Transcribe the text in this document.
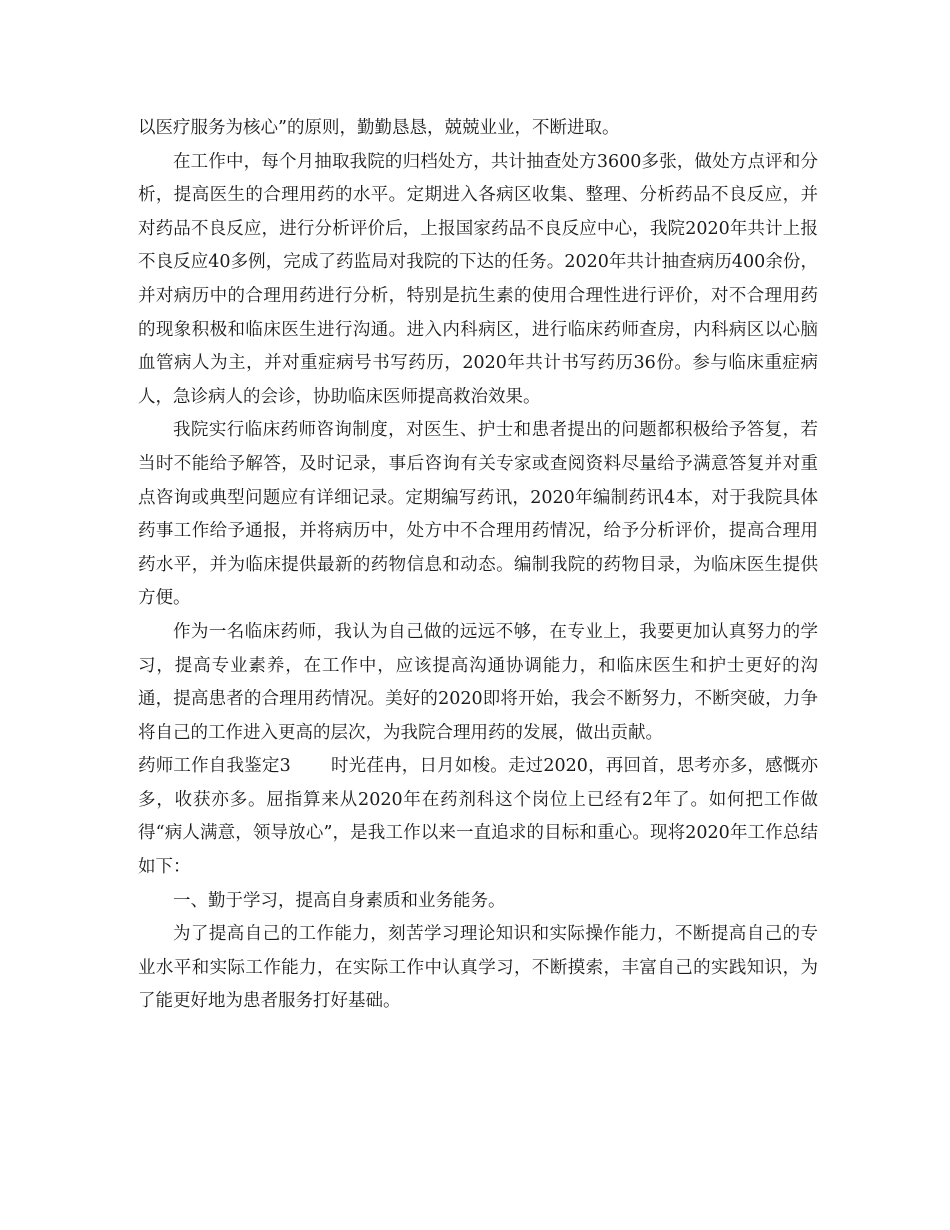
以医疗服务为核心”的原则，勤勤恳恳，兢兢业业，不断进取。

在工作中，每个月抽取我院的归档处方，共计抽查处方3600多张，做处方点评和分析，提高医生的合理用药的水平。定期进入各病区收集、整理、分析药品不良反应，并对药品不良反应，进行分析评价后，上报国家药品不良反应中心，我院2020年共计上报不良反应40多例，完成了药监局对我院的下达的任务。2020年共计抽查病历400余份，并对病历中的合理用药进行分析，特别是抗生素的使用合理性进行评价，对不合理用药的现象积极和临床医生进行沟通。进入内科病区，进行临床药师查房，内科病区以心脑血管病人为主，并对重症病号书写药历，2020年共计书写药历36份。参与临床重症病人，急诊病人的会诊，协助临床医师提高救治效果。

我院实行临床药师咨询制度，对医生、护士和患者提出的问题都积极给予答复，若当时不能给予解答，及时记录，事后咨询有关专家或查阅资料尽量给予满意答复并对重点咨询或典型问题应有详细记录。定期编写药讯，2020年编制药讯4本，对于我院具体药事工作给予通报，并将病历中，处方中不合理用药情况，给予分析评价，提高合理用药水平，并为临床提供最新的药物信息和动态。编制我院的药物目录，为临床医生提供方便。

作为一名临床药师，我认为自己做的远远不够，在专业上，我要更加认真努力的学习，提高专业素养，在工作中，应该提高沟通协调能力，和临床医生和护士更好的沟通，提高患者的合理用药情况。美好的2020即将开始，我会不断努力，不断突破，力争将自己的工作进入更高的层次，为我院合理用药的发展，做出贡献。

药师工作自我鉴定3 时光荏冉，日月如梭。走过2020，再回首，思考亦多，感慨亦多，收获亦多。屈指算来从2020年在药剂科这个岗位上已经有2年了。如何把工作做得“病人满意，领导放心”，是我工作以来一直追求的目标和重心。现将2020年工作总结如下：

一、勤于学习，提高自身素质和业务能务。

为了提高自己的工作能力，刻苦学习理论知识和实际操作能力，不断提高自己的专业水平和实际工作能力，在实际工作中认真学习，不断摸索，丰富自己的实践知识，为了能更好地为患者服务打好基础。
